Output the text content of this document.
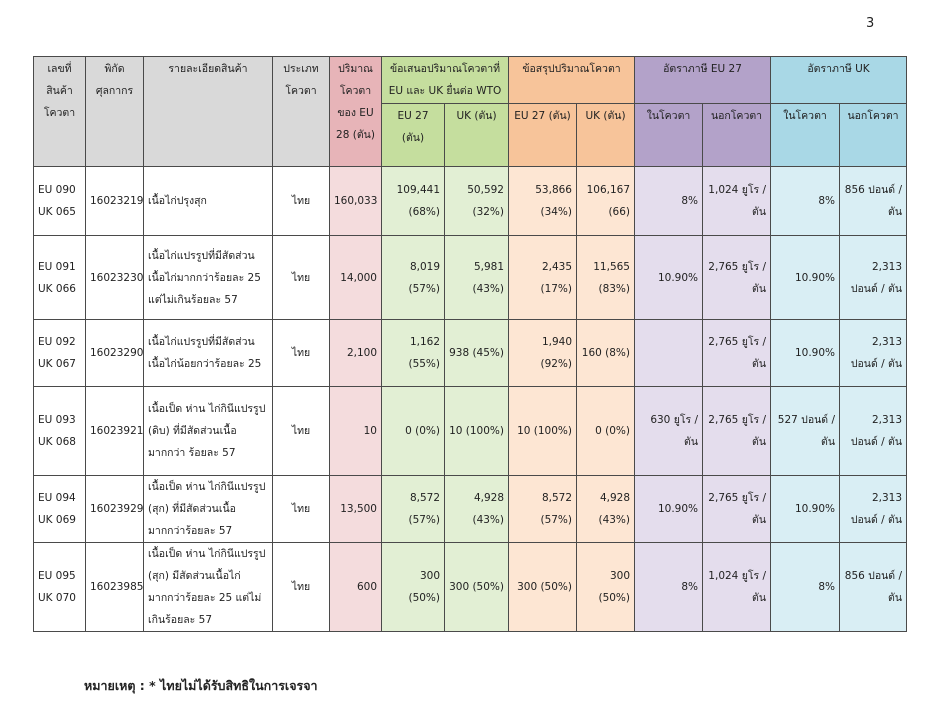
3
เลขที่สินค้าโควตา	พิกัดศุลกากร	รายละเอียดสินค้า	ประเภทโควตา	ปริมาณโควตาของ EU 28 (ตัน)	ข้อเสนอปริมาณโควตาที่ EU และ UK ยื่นต่อ WTO		ข้อสรุปปริมาณโควตา		อัตราภาษี EU 27		อัตราภาษี UK	
					EU 27 (ตัน)	UK (ตัน)	EU 27 (ตัน)	UK (ตัน)	ในโควตา	นอกโควตา	ในโควตา	นอกโควตา
EU 090 UK 065	16023219	เนื้อไก่ปรุงสุก	ไทย	160,033	109,441 (68%)	50,592 (32%)	53,866 (34%)	106,167 (66)	8%	1,024 ยูโร / ตัน	8%	856 ปอนด์ / ตัน
EU 091 UK 066	16023230	เนื้อไก่แปรรูปที่มีสัดส่วนเนื้อไก่มากกว่าร้อยละ 25 แต่ไม่เกินร้อยละ 57	ไทย	14,000	8,019 (57%)	5,981 (43%)	2,435 (17%)	11,565 (83%)	10.90%	2,765 ยูโร / ตัน	10.90%	2,313 ปอนด์ / ตัน
EU 092 UK 067	16023290	เนื้อไก่แปรรูปที่มีสัดส่วนเนื้อไก่น้อยกว่าร้อยละ 25	ไทย	2,100	1,162 (55%)	938 (45%)	1,940 (92%)	160 (8%)		2,765 ยูโร / ตัน	10.90%	2,313 ปอนด์ / ตัน
EU 093 UK 068	16023921	เนื้อเป็ด ห่าน ไก่กินีแปรรูป (ดิบ) ที่มีสัดส่วนเนื้อมากกว่า ร้อยละ 57	ไทย	10	0 (0%)	10 (100%)	10 (100%)	0 (0%)	630 ยูโร / ตัน	2,765 ยูโร / ตัน	527 ปอนด์ / ตัน	2,313 ปอนด์ / ตัน
EU 094 UK 069	16023929	เนื้อเป็ด ห่าน ไก่กินีแปรรูป (สุก) ที่มีสัดส่วนเนื้อมากกว่าร้อยละ 57	ไทย	13,500	8,572 (57%)	4,928 (43%)	8,572 (57%)	4,928 (43%)	10.90%	2,765 ยูโร / ตัน	10.90%	2,313 ปอนด์ / ตัน
EU 095 UK 070	16023985	เนื้อเป็ด ห่าน ไก่กินีแปรรูป (สุก) มีสัดส่วนเนื้อไก่มากกว่าร้อยละ 25 แต่ไม่เกินร้อยละ 57	ไทย	600	300 (50%)	300 (50%)	300 (50%)	300 (50%)	8%	1,024 ยูโร / ตัน	8%	856 ปอนด์ / ตัน
หมายเหตุ : * ไทยไม่ได้รับสิทธิในการเจรจา
